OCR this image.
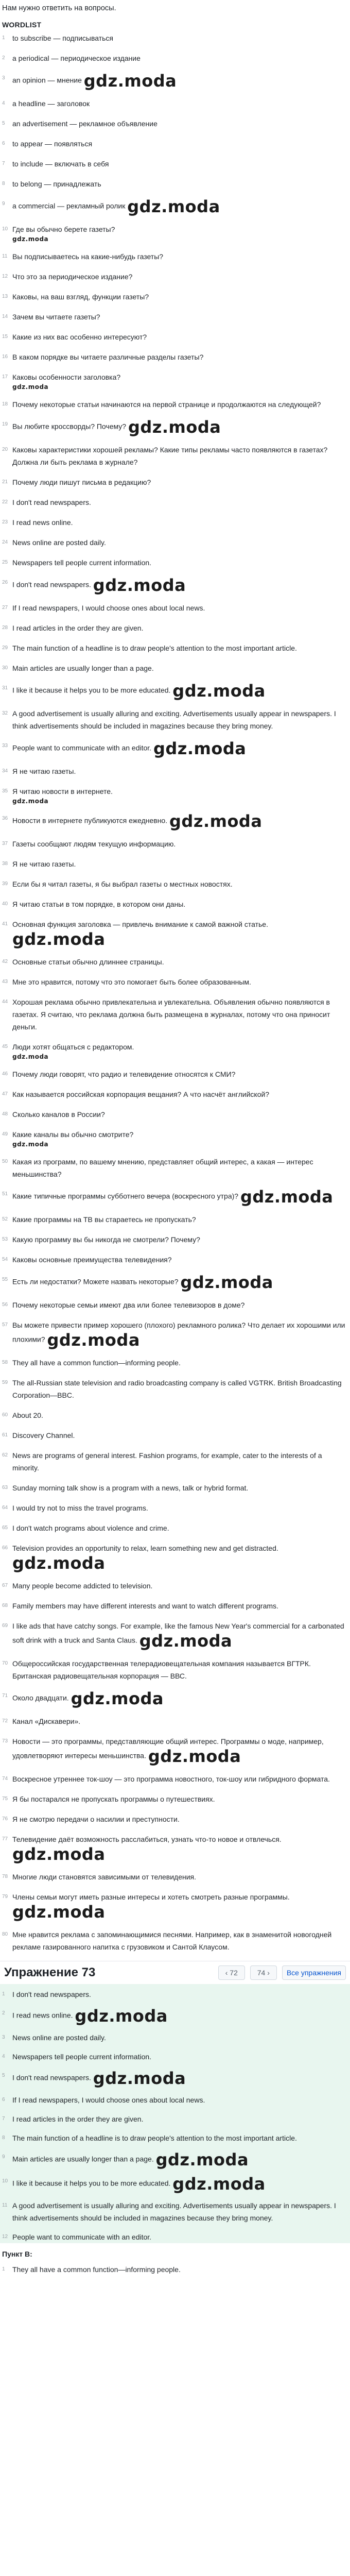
Нам нужно ответить на вопросы.
WORDLIST
1	to subscribe — подписываться
2	a periodical — периодическое издание
3	an opinion — мнение gdz.moda
4	a headline — заголовок
5	an advertisement — рекламное объявление
6	to appear — появляться
7	to include — включать в себя
8	to belong — принадлежать
9	a commercial — рекламный ролик gdz.moda
10 Где вы обычно берете газеты?
gdz.moda
11 Вы подписываетесь на какие-нибудь газеты?
12 Что это за периодическое издание?
13 Каковы, на ваш взгляд, функции газеты?
14 Зачем вы читаете газеты?
15 Какие из них вас особенно интересуют?
16 В каком порядке вы читаете различные разделы газеты?
17 Каковы особенности заголовка?
gdz.moda
18 Почему некоторые статьи начинаются на первой странице и продолжаются на следующей?
19 Вы любите кроссворды? Почему? gdz.moda
20 Каковы характеристики хорошей рекламы? Какие типы рекламы часто появляются в газетах? Должна ли быть реклама в журнале?
21 Почему люди пишут письма в редакцию?
22 I don't read newspapers.
23 I read news online.
24 News online are posted daily.
25 Newspapers tell people current information.
26 I don't read newspapers. gdz.moda
27 If I read newspapers, I would choose ones about local news.
28 I read articles in the order they are given.
29 The main function of a headline is to draw people's attention to the most important article.
30 Main articles are usually longer than a page.
31 I like it because it helps you to be more educated. gdz.moda
32 A good advertisement is usually alluring and exciting. Advertisements usually appear in newspapers. I think advertisements should be included in magazines because they bring money.
33 People want to communicate with an editor. gdz.moda
34 Я не читаю газеты.
35 Я читаю новости в интернете.
gdz.moda
36 Новости в интернете публикуются ежедневно. gdz.moda
37 Газеты сообщают людям текущую информацию.
38 Я не читаю газеты.
39 Если бы я читал газеты, я бы выбрал газеты о местных новостях.
40 Я читаю статьи в том порядке, в котором они даны.
41 Основная функция заголовка — привлечь внимание к самой важной статье. gdz.moda
42 Основные статьи обычно длиннее страницы.
43 Мне это нравится, потому что это помогает быть более образованным.
44 Хорошая реклама обычно привлекательна и увлекательна. Объявления обычно появляются в газетах. Я считаю, что реклама должна быть размещена в журналах, потому что она приносит деньги.
45 Люди хотят общаться с редактором.
gdz.moda
46 Почему люди говорят, что радио и телевидение относятся к СМИ?
47 Как называется российская корпорация вещания? А что насчёт английской?
48 Сколько каналов в России?
49 Какие каналы вы обычно смотрите?
gdz.moda
50 Какая из программ, по вашему мнению, представляет общий интерес, а какая — интерес меньшинства?
51 Какие типичные программы субботнего вечера (воскресного утра)? gdz.moda
52 Какие программы на ТВ вы стараетесь не пропускать?
53 Какую программу вы бы никогда не смотрели? Почему?
54 Каковы основные преимущества телевидения?
55 Есть ли недостатки? Можете назвать некоторые? gdz.moda
56 Почему некоторые семьи имеют два или более телевизоров в доме?
57 Вы можете привести пример хорошего (плохого) рекламного ролика? Что делает их хорошими или плохими? gdz.moda
58 They all have a common function—informing people.
59 The all-Russian state television and radio broadcasting company is called VGTRK. British Broadcasting Corporation—BBC.
60 About 20.
61 Discovery Channel.
62 News are programs of general interest. Fashion programs, for example, cater to the interests of a minority.
63 Sunday morning talk show is a program with a news, talk or hybrid format.
64 I would try not to miss the travel programs.
65 I don't watch programs about violence and crime.
66 Television provides an opportunity to relax, learn something new and get distracted. gdz.moda
67 Many people become addicted to television.
68 Family members may have different interests and want to watch different programs.
69 I like ads that have catchy songs. For example, like the famous New Year's commercial for a carbonated soft drink with a truck and Santa Claus. gdz.moda
70 Общероссийская государственная телерадиовещательная компания называется ВГТРК. Британская радиовещательная корпорация — ВВС.
71 Около двадцати. gdz.moda
72 Канал «Дискавери».
73 Новости — это программы, представляющие общий интерес. Программы о моде, например, удовлетворяют интересы меньшинства. gdz.moda
74 Воскресное утреннее ток-шоу — это программа новостного, ток-шоу или гибридного формата.
75 Я бы постарался не пропускать программы о путешествиях.
76 Я не смотрю передачи о насилии и преступности.
77 Телевидение даёт возможность расслабиться, узнать что-то новое и отвлечься. gdz.moda
78 Многие люди становятся зависимыми от телевидения.
79 Члены семьи могут иметь разные интересы и хотеть смотреть разные программы. gdz.moda
80 Мне нравится реклама с запоминающимися песнями. Например, как в знаменитой новогодней рекламе газированного напитка с грузовиком и Сантой Клаусом.
Упражнение 73	‹ 72	74 ›	Все упражнения
1	I don't read newspapers.
2	I read news online. gdz.moda
3	News online are posted daily.
4	Newspapers tell people current information.
5	I don't read newspapers. gdz.moda
6	If I read newspapers, I would choose ones about local news.
7	I read articles in the order they are given.
8	The main function of a headline is to draw people's attention to the most important article.
9	Main articles are usually longer than a page. gdz.moda
10 I like it because it helps you to be more educated. gdz.moda
11 A good advertisement is usually alluring and exciting. Advertisements usually appear in newspapers. I think advertisements should be included in magazines because they bring money.
12 People want to communicate with an editor.
Пункт B:
1	They all have a common function—informing people.
